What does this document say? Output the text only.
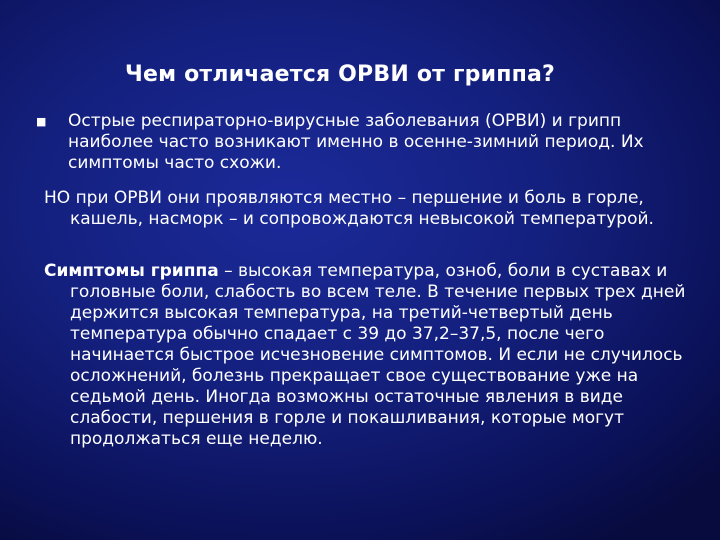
Чем отличается ОРВИ от гриппа?
■	Острые респираторно-вирусные заболевания (ОРВИ) и грипп наиболее часто возникают именно в осенне-зимний период. Их симптомы часто схожи.
НО при ОРВИ они проявляются местно – першение и боль в горле, кашель, насморк – и сопровождаются невысокой температурой.
Симптомы гриппа – высокая температура, озноб, боли в суставах и головные боли, слабость во всем теле. В течение первых трех дней держится высокая температура, на третий-четвертый день температура обычно спадает с 39 до 37,2–37,5, после чего начинается быстрое исчезновение симптомов. И если не случилось осложнений, болезнь прекращает свое существование уже на седьмой день. Иногда возможны остаточные явления в виде слабости, першения в горле и покашливания, которые могут продолжаться еще неделю.
